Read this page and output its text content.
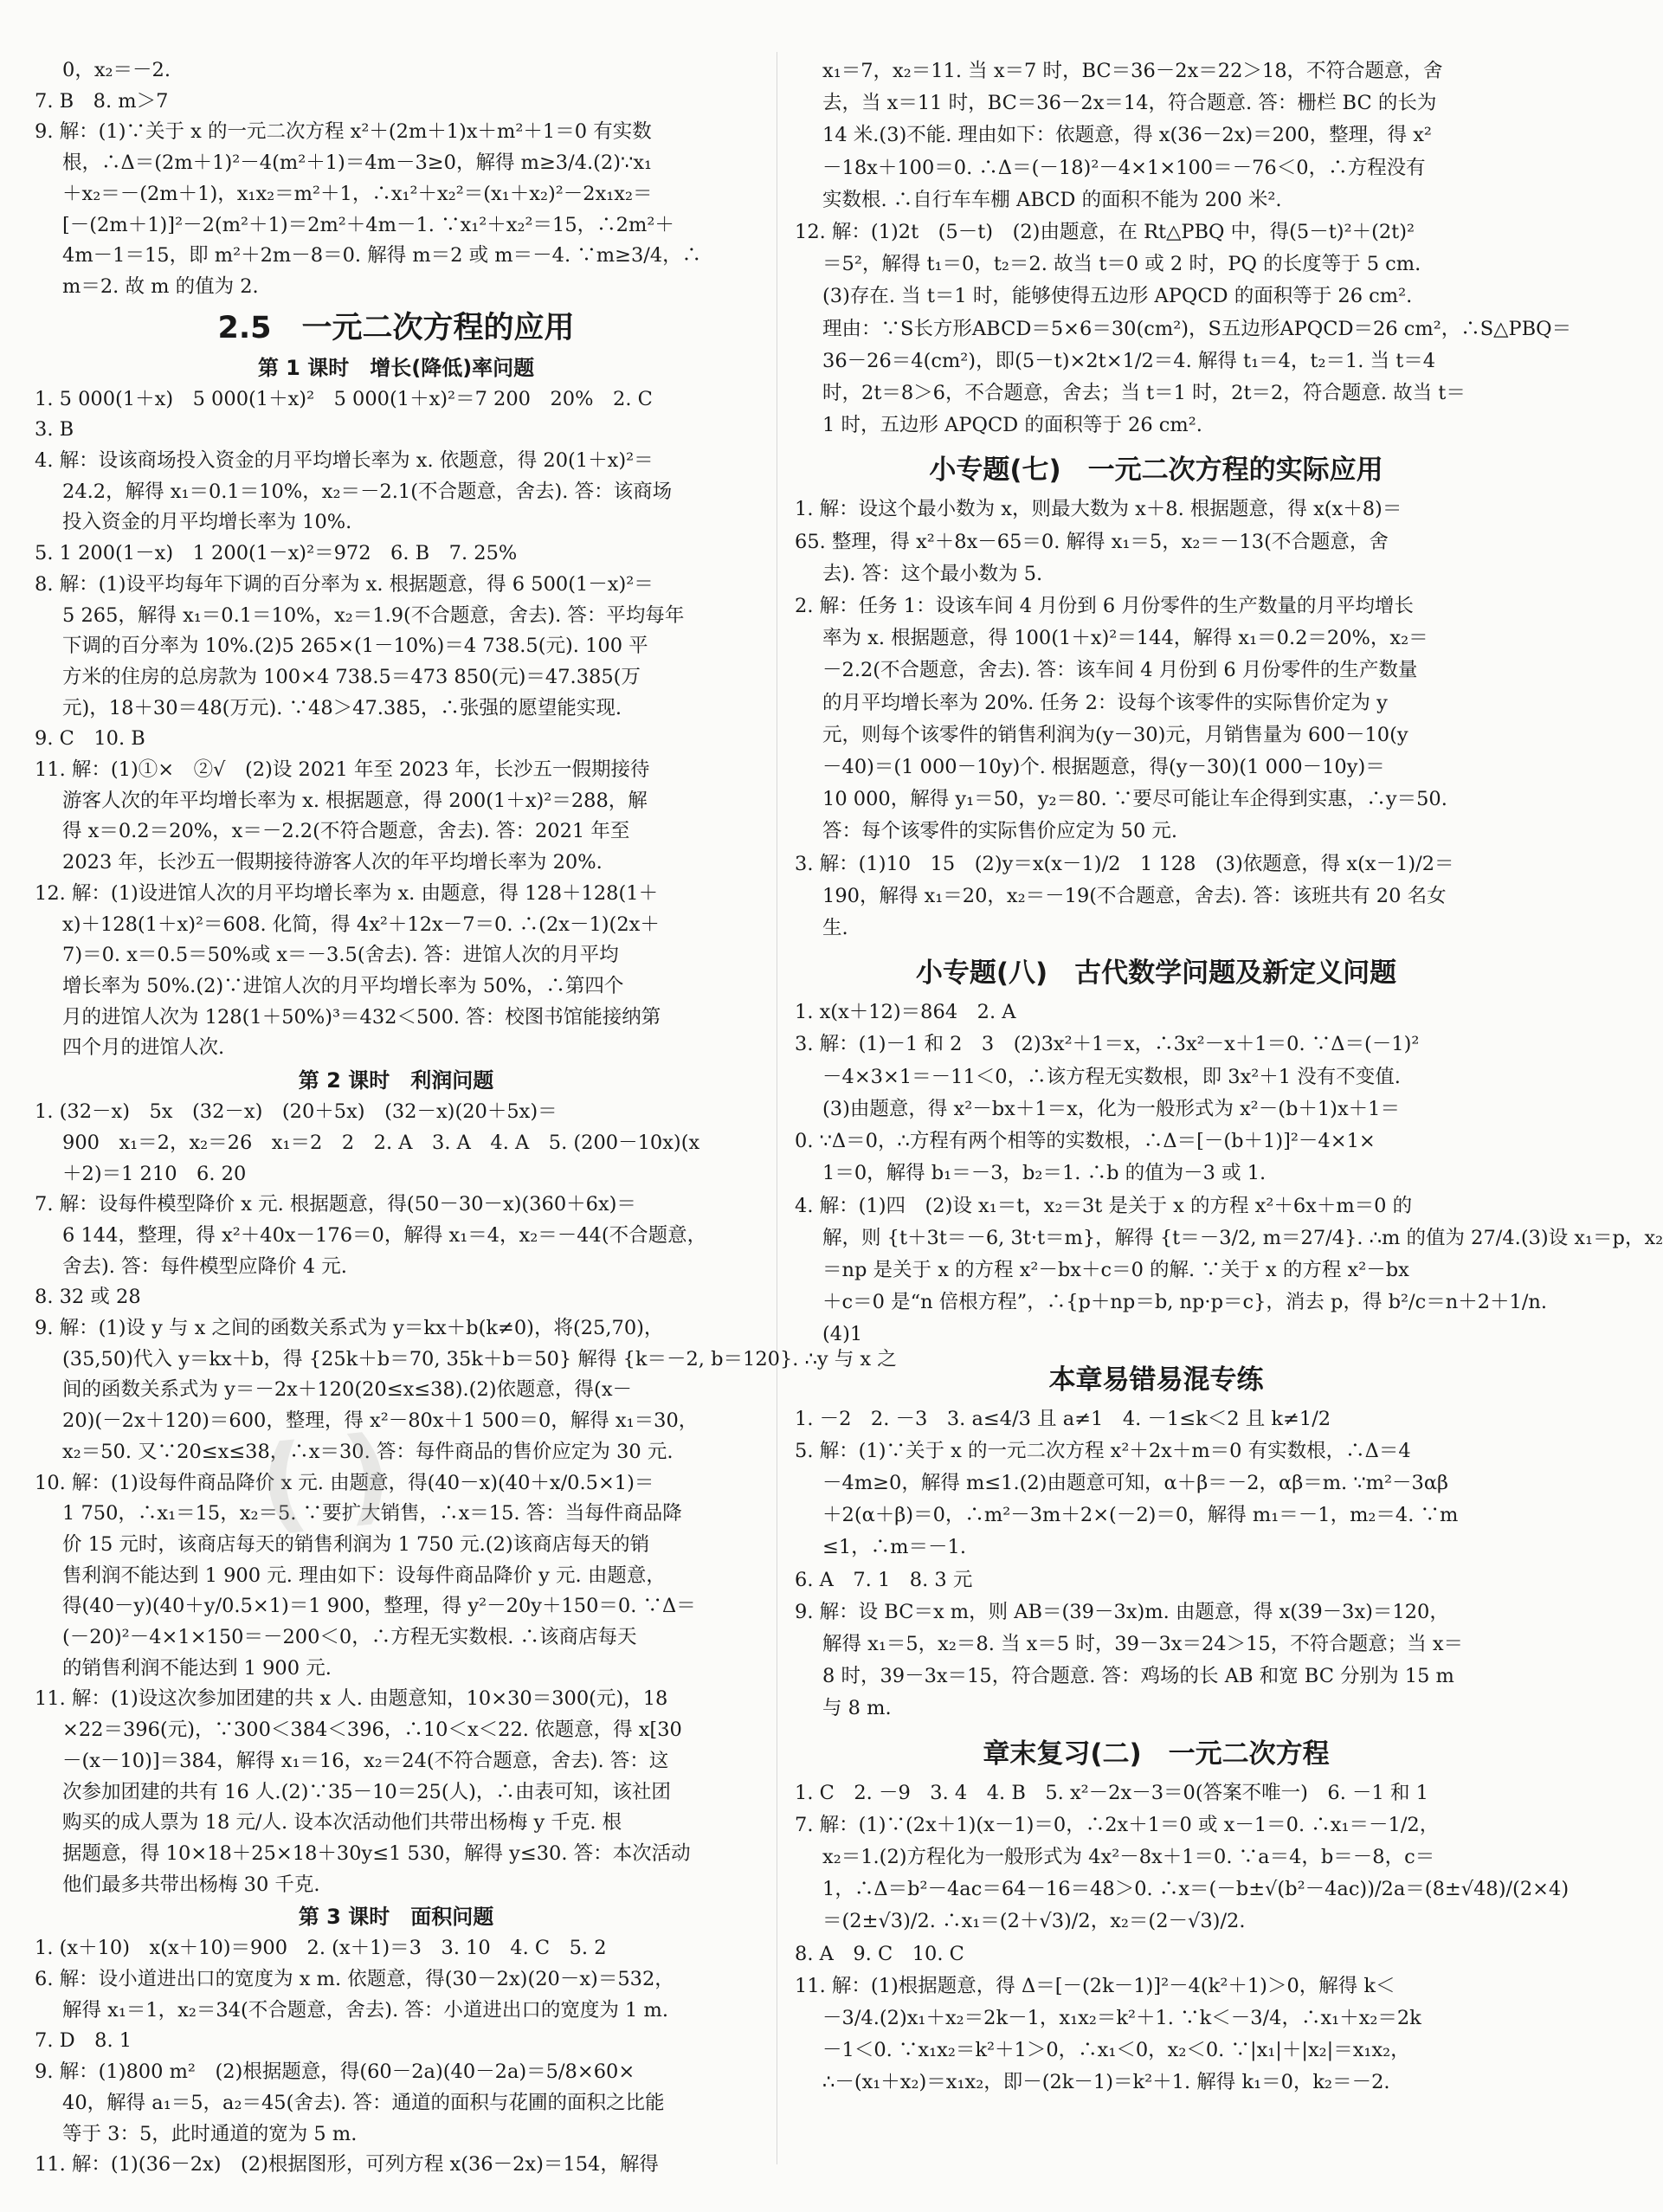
0，x₂＝－2.
7. B　8. m＞7
9. 解：(1)∵关于 x 的一元二次方程 x²＋(2m＋1)x＋m²＋1＝0 有实数
根，∴Δ＝(2m＋1)²－4(m²＋1)＝4m－3≥0，解得 m≥3/4.(2)∵x₁
＋x₂＝－(2m＋1)，x₁x₂＝m²＋1，∴x₁²＋x₂²＝(x₁＋x₂)²－2x₁x₂＝
[－(2m＋1)]²－2(m²＋1)＝2m²＋4m－1. ∵x₁²＋x₂²＝15，∴2m²＋
4m－1＝15，即 m²＋2m－8＝0. 解得 m＝2 或 m＝－4. ∵m≥3/4，∴
m＝2. 故 m 的值为 2.
2.5　一元二次方程的应用
第 1 课时　增长(降低)率问题
1. 5 000(1＋x)　5 000(1＋x)²　5 000(1＋x)²＝7 200　20%　2. C
3. B
4. 解：设该商场投入资金的月平均增长率为 x. 依题意，得 20(1＋x)²＝
24.2，解得 x₁＝0.1＝10%，x₂＝－2.1(不合题意，舍去). 答：该商场
投入资金的月平均增长率为 10%.
5. 1 200(1－x)　1 200(1－x)²＝972　6. B　7. 25%
8. 解：(1)设平均每年下调的百分率为 x. 根据题意，得 6 500(1－x)²＝
5 265，解得 x₁＝0.1＝10%，x₂＝1.9(不合题意，舍去). 答：平均每年
下调的百分率为 10%.(2)5 265×(1－10%)＝4 738.5(元). 100 平
方米的住房的总房款为 100×4 738.5＝473 850(元)＝47.385(万
元)，18＋30＝48(万元). ∵48＞47.385，∴张强的愿望能实现.
9. C　10. B
11. 解：(1)①×　②√　(2)设 2021 年至 2023 年，长沙五一假期接待
游客人次的年平均增长率为 x. 根据题意，得 200(1＋x)²＝288，解
得 x＝0.2＝20%，x＝－2.2(不符合题意，舍去). 答：2021 年至
2023 年，长沙五一假期接待游客人次的年平均增长率为 20%.
12. 解：(1)设进馆人次的月平均增长率为 x. 由题意，得 128＋128(1＋
x)＋128(1＋x)²＝608. 化简，得 4x²＋12x－7＝0. ∴(2x－1)(2x＋
7)＝0. x＝0.5＝50%或 x＝－3.5(舍去). 答：进馆人次的月平均
增长率为 50%.(2)∵进馆人次的月平均增长率为 50%，∴第四个
月的进馆人次为 128(1＋50%)³＝432＜500. 答：校图书馆能接纳第
四个月的进馆人次.
第 2 课时　利润问题
1. (32－x)　5x　(32－x)　(20＋5x)　(32－x)(20＋5x)＝
900　x₁＝2，x₂＝26　x₁＝2　2　2. A　3. A　4. A　5. (200－10x)(x
＋2)＝1 210　6. 20
7. 解：设每件模型降价 x 元. 根据题意，得(50－30－x)(360＋6x)＝
6 144，整理，得 x²＋40x－176＝0，解得 x₁＝4，x₂＝－44(不合题意，
舍去). 答：每件模型应降价 4 元.
8. 32 或 28
9. 解：(1)设 y 与 x 之间的函数关系式为 y＝kx＋b(k≠0)，将(25,70)，
(35,50)代入 y＝kx＋b，得 {25k＋b＝70, 35k＋b＝50} 解得 {k＝－2, b＝120}. ∴y 与 x 之
间的函数关系式为 y＝－2x＋120(20≤x≤38).(2)依题意，得(x－
20)(－2x＋120)＝600，整理，得 x²－80x＋1 500＝0，解得 x₁＝30，
x₂＝50. 又∵20≤x≤38，∴x＝30. 答：每件商品的售价应定为 30 元.
10. 解：(1)设每件商品降价 x 元. 由题意，得(40－x)(40＋x/0.5×1)＝
1 750，∴x₁＝15，x₂＝5. ∵要扩大销售，∴x＝15. 答：当每件商品降
价 15 元时，该商店每天的销售利润为 1 750 元.(2)该商店每天的销
售利润不能达到 1 900 元. 理由如下：设每件商品降价 y 元. 由题意，
得(40－y)(40＋y/0.5×1)＝1 900，整理，得 y²－20y＋150＝0. ∵Δ＝
(－20)²－4×1×150＝－200＜0，∴方程无实数根. ∴该商店每天
的销售利润不能达到 1 900 元.
11. 解：(1)设这次参加团建的共 x 人. 由题意知，10×30＝300(元)，18
×22＝396(元)，∵300＜384＜396，∴10＜x＜22. 依题意，得 x[30
－(x－10)]＝384，解得 x₁＝16，x₂＝24(不符合题意，舍去). 答：这
次参加团建的共有 16 人.(2)∵35－10＝25(人)，∴由表可知，该社团
购买的成人票为 18 元/人. 设本次活动他们共带出杨梅 y 千克. 根
据题意，得 10×18＋25×18＋30y≤1 530，解得 y≤30. 答：本次活动
他们最多共带出杨梅 30 千克.
第 3 课时　面积问题
1. (x＋10)　x(x＋10)＝900　2. (x＋1)＝3　3. 10　4. C　5. 2
6. 解：设小道进出口的宽度为 x m. 依题意，得(30－2x)(20－x)＝532，
解得 x₁＝1，x₂＝34(不合题意，舍去). 答：小道进出口的宽度为 1 m.
7. D　8. 1
9. 解：(1)800 m²　(2)根据题意，得(60－2a)(40－2a)＝5/8×60×
40，解得 a₁＝5，a₂＝45(舍去). 答：通道的面积与花圃的面积之比能
等于 3：5，此时通道的宽为 5 m.
11. 解：(1)(36－2x)　(2)根据图形，可列方程 x(36－2x)＝154，解得
x₁＝7，x₂＝11. 当 x＝7 时，BC＝36－2x＝22＞18，不符合题意，舍
去，当 x＝11 时，BC＝36－2x＝14，符合题意. 答：栅栏 BC 的长为
14 米.(3)不能. 理由如下：依题意，得 x(36－2x)＝200，整理，得 x²
－18x＋100＝0. ∴Δ＝(－18)²－4×1×100＝－76＜0，∴方程没有
实数根. ∴自行车车棚 ABCD 的面积不能为 200 米².
12. 解：(1)2t　(5－t)　(2)由题意，在 Rt△PBQ 中，得(5－t)²＋(2t)²
＝5²，解得 t₁＝0，t₂＝2. 故当 t＝0 或 2 时，PQ 的长度等于 5 cm.
(3)存在. 当 t＝1 时，能够使得五边形 APQCD 的面积等于 26 cm².
理由：∵S长方形ABCD＝5×6＝30(cm²)，S五边形APQCD＝26 cm²，∴S△PBQ＝
36－26＝4(cm²)，即(5－t)×2t×1/2＝4. 解得 t₁＝4，t₂＝1. 当 t＝4
时，2t＝8＞6，不合题意，舍去；当 t＝1 时，2t＝2，符合题意. 故当 t＝
1 时，五边形 APQCD 的面积等于 26 cm².
小专题(七)　一元二次方程的实际应用
1. 解：设这个最小数为 x，则最大数为 x＋8. 根据题意，得 x(x＋8)＝
65. 整理，得 x²＋8x－65＝0. 解得 x₁＝5，x₂＝－13(不合题意，舍
去). 答：这个最小数为 5.
2. 解：任务 1：设该车间 4 月份到 6 月份零件的生产数量的月平均增长
率为 x. 根据题意，得 100(1＋x)²＝144，解得 x₁＝0.2＝20%，x₂＝
－2.2(不合题意，舍去). 答：该车间 4 月份到 6 月份零件的生产数量
的月平均增长率为 20%. 任务 2：设每个该零件的实际售价定为 y
元，则每个该零件的销售利润为(y－30)元，月销售量为 600－10(y
－40)＝(1 000－10y)个. 根据题意，得(y－30)(1 000－10y)＝
10 000，解得 y₁＝50，y₂＝80. ∵要尽可能让车企得到实惠，∴y＝50.
答：每个该零件的实际售价应定为 50 元.
3. 解：(1)10　15　(2)y＝x(x－1)/2　1 128　(3)依题意，得 x(x－1)/2＝
190，解得 x₁＝20，x₂＝－19(不合题意，舍去). 答：该班共有 20 名女
生.
小专题(八)　古代数学问题及新定义问题
1. x(x＋12)＝864　2. A
3. 解：(1)－1 和 2　3　(2)3x²＋1＝x，∴3x²－x＋1＝0. ∵Δ＝(－1)²
－4×3×1＝－11＜0，∴该方程无实数根，即 3x²＋1 没有不变值.
(3)由题意，得 x²－bx＋1＝x，化为一般形式为 x²－(b＋1)x＋1＝
0. ∵Δ＝0，∴方程有两个相等的实数根，∴Δ＝[－(b＋1)]²－4×1×
1＝0，解得 b₁＝－3，b₂＝1. ∴b 的值为－3 或 1.
4. 解：(1)四　(2)设 x₁＝t，x₂＝3t 是关于 x 的方程 x²＋6x＋m＝0 的
解，则 {t＋3t＝－6, 3t·t＝m}，解得 {t＝－3/2, m＝27/4}. ∴m 的值为 27/4.(3)设 x₁＝p，x₂
＝np 是关于 x 的方程 x²－bx＋c＝0 的解. ∵关于 x 的方程 x²－bx
＋c＝0 是“n 倍根方程”，∴{p＋np＝b, np·p＝c}，消去 p，得 b²/c＝n＋2＋1/n.
(4)1
本章易错易混专练
1. －2　2. －3　3. a≤4/3 且 a≠1　4. －1≤k＜2 且 k≠1/2
5. 解：(1)∵关于 x 的一元二次方程 x²＋2x＋m＝0 有实数根，∴Δ＝4
－4m≥0，解得 m≤1.(2)由题意可知，α＋β＝－2，αβ＝m. ∵m²－3αβ
＋2(α＋β)＝0，∴m²－3m＋2×(－2)＝0，解得 m₁＝－1，m₂＝4. ∵m
≤1，∴m＝－1.
6. A　7. 1　8. 3 元
9. 解：设 BC＝x m，则 AB＝(39－3x)m. 由题意，得 x(39－3x)＝120，
解得 x₁＝5，x₂＝8. 当 x＝5 时，39－3x＝24＞15，不符合题意；当 x＝
8 时，39－3x＝15，符合题意. 答：鸡场的长 AB 和宽 BC 分别为 15 m
与 8 m.
章末复习(二)　一元二次方程
1. C　2. －9　3. 4　4. B　5. x²－2x－3＝0(答案不唯一)　6. －1 和 1
7. 解：(1)∵(2x＋1)(x－1)＝0，∴2x＋1＝0 或 x－1＝0. ∴x₁＝－1/2，
x₂＝1.(2)方程化为一般形式为 4x²－8x＋1＝0. ∵a＝4，b＝－8，c＝
1，∴Δ＝b²－4ac＝64－16＝48＞0. ∴x＝(－b±√(b²－4ac))/2a＝(8±√48)/(2×4)
＝(2±√3)/2. ∴x₁＝(2＋√3)/2，x₂＝(2－√3)/2.
8. A　9. C　10. C
11. 解：(1)根据题意，得 Δ＝[－(2k－1)]²－4(k²＋1)＞0，解得 k＜
－3/4.(2)x₁＋x₂＝2k－1，x₁x₂＝k²＋1. ∵k＜－3/4，∴x₁＋x₂＝2k
－1＜0. ∵x₁x₂＝k²＋1＞0，∴x₁＜0，x₂＜0. ∵|x₁|＋|x₂|＝x₁x₂，
∴－(x₁＋x₂)＝x₁x₂，即－(2k－1)＝k²＋1. 解得 k₁＝0，k₂＝－2.
( )
